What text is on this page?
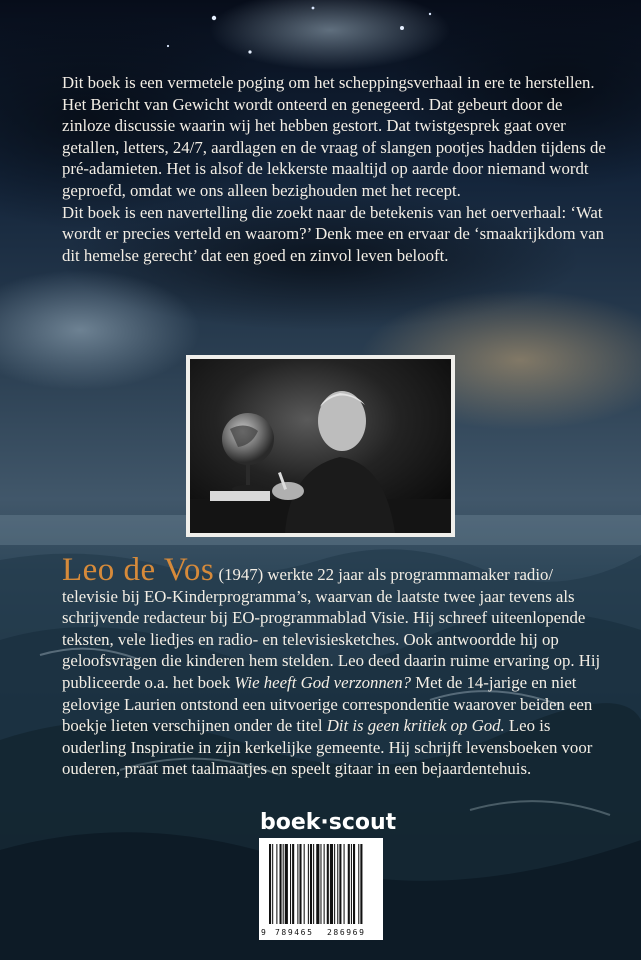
Dit boek is een vermetele poging om het scheppingsverhaal in ere te herstellen. Het Bericht van Gewicht wordt onteerd en genegeerd. Dat gebeurt door de zinloze discussie waarin wij het hebben gestort. Dat twistgesprek gaat over getallen, letters, 24/7, aardlagen en de vraag of slangen pootjes hadden tijdens de pré-adamieten. Het is alsof de lekkerste maaltijd op aarde door niemand wordt geproefd, omdat we ons alleen bezighouden met het recept.

Dit boek is een navertelling die zoekt naar de betekenis van het oerverhaal: ‘Wat wordt er precies verteld en waarom?’ Denk mee en ervaar de ‘smaakrijkdom van dit hemelse gerecht’ dat een goed en zinvol leven belooft.

Leo de Vos (1947) werkte 22 jaar als programmamaker radio/ televisie bij EO-Kinderprogramma’s, waarvan de laatste twee jaar tevens als schrijvende redacteur bij EO-programmablad Visie. Hij schreef uiteenlopende teksten, vele liedjes en radio- en televisiesketches. Ook antwoordde hij op geloofsvragen die kinderen hem stelden. Leo deed daarin ruime ervaring op. Hij publiceerde o.a. het boek Wie heeft God verzonnen? Met de 14-jarige en niet gelovige Laurien ontstond een uitvoerige correspondentie waarover beiden een boekje lieten verschijnen onder de titel Dit is geen kritiek op God. Leo is ouderling Inspiratie in zijn kerkelijke gemeente. Hij schrijft levensboeken voor ouderen, praat met taalmaatjes en speelt gitaar in een bejaardentehuis.
boek·scout
9 789465 286969
